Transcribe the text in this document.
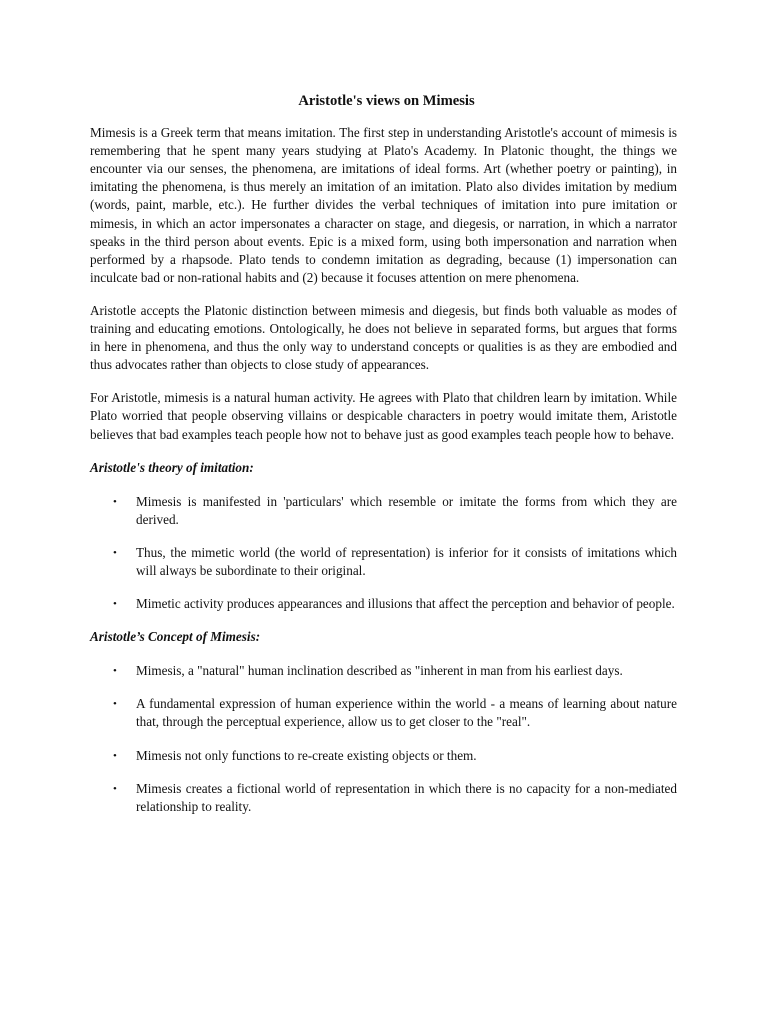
Aristotle's views on Mimesis

Mimesis is a Greek term that means imitation. The first step in understanding Aristotle's account of mimesis is remembering that he spent many years studying at Plato's Academy. In Platonic thought, the things we encounter via our senses, the phenomena, are imitations of ideal forms. Art (whether poetry or painting), in imitating the phenomena, is thus merely an imitation of an imitation. Plato also divides imitation by medium (words, paint, marble, etc.). He further divides the verbal techniques of imitation into pure imitation or mimesis, in which an actor impersonates a character on stage, and diegesis, or narration, in which a narrator speaks in the third person about events. Epic is a mixed form, using both impersonation and narration when performed by a rhapsode. Plato tends to condemn imitation as degrading, because (1) impersonation can inculcate bad or non-rational habits and (2) because it focuses attention on mere phenomena.

Aristotle accepts the Platonic distinction between mimesis and diegesis, but finds both valuable as modes of training and educating emotions. Ontologically, he does not believe in separated forms, but argues that forms in here in phenomena, and thus the only way to understand concepts or qualities is as they are embodied and thus advocates rather than objects to close study of appearances.

For Aristotle, mimesis is a natural human activity. He agrees with Plato that children learn by imitation. While Plato worried that people observing villains or despicable characters in poetry would imitate them, Aristotle believes that bad examples teach people how not to behave just as good examples teach people how to behave.

Aristotle's theory of imitation:
• Mimesis is manifested in 'particulars' which resemble or imitate the forms from which they are derived.
• Thus, the mimetic world (the world of representation) is inferior for it consists of imitations which will always be subordinate to their original.
• Mimetic activity produces appearances and illusions that affect the perception and behavior of people.
Aristotle’s Concept of Mimesis:
• Mimesis, a "natural" human inclination described as "inherent in man from his earliest days.
• A fundamental expression of human experience within the world - a means of learning about nature that, through the perceptual experience, allow us to get closer to the "real".
• Mimesis not only functions to re-create existing objects or them.
• Mimesis creates a fictional world of representation in which there is no capacity for a non-mediated relationship to reality.
